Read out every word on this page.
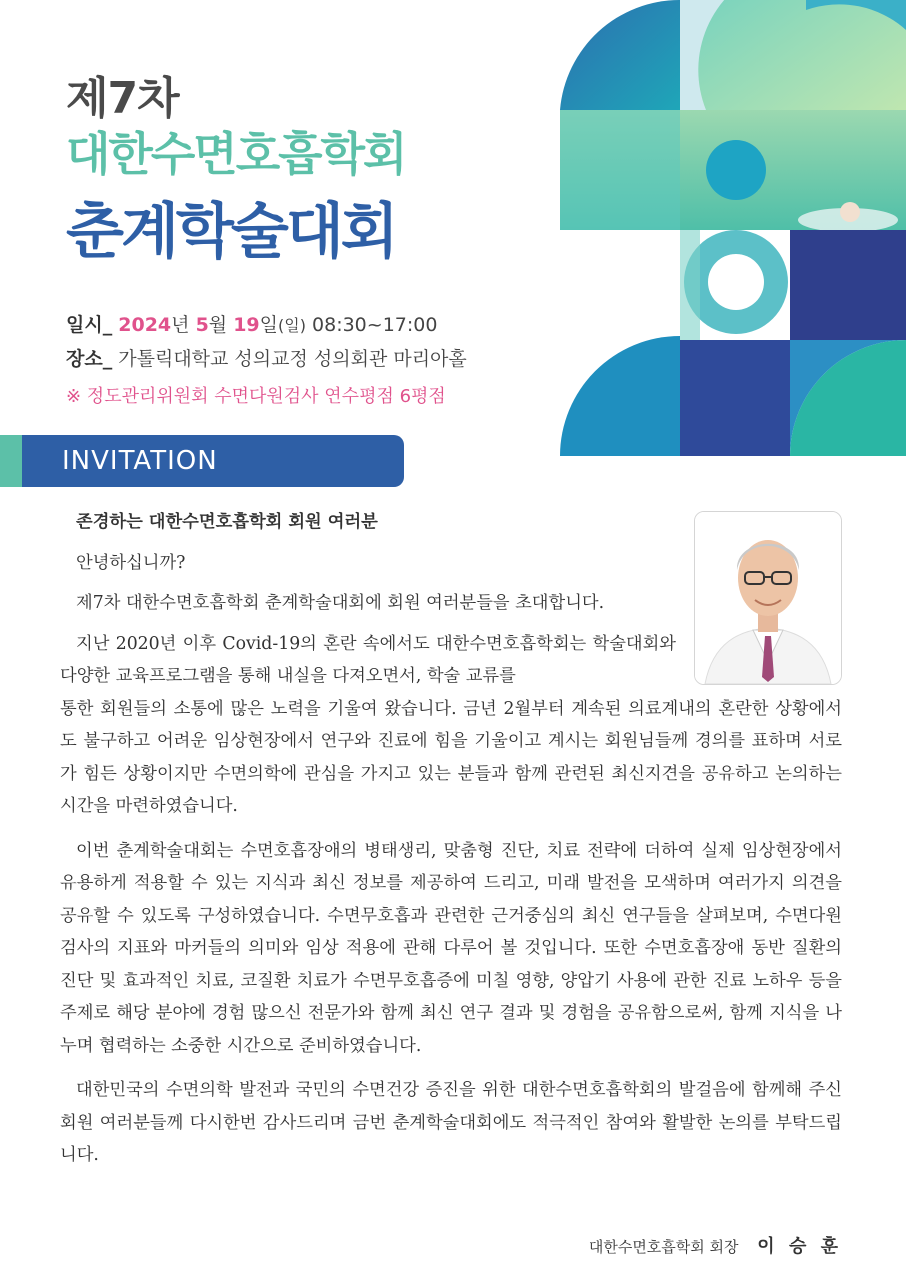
제7차
대한수면호흡학회
춘계학술대회
일시_ 2024년 5월 19일(일) 08:30~17:00
장소_ 가톨릭대학교 성의교정 성의회관 마리아홀
※ 정도관리위원회 수면다원검사 연수평점 6평점
INVITATION

존경하는 대한수면호흡학회 회원 여러분

안녕하십니까?

제7차 대한수면호흡학회 춘계학술대회에 회원 여러분들을 초대합니다.

지난 2020년 이후 Covid-19의 혼란 속에서도 대한수면호흡학회는 학술대회와 다양한 교육프로그램을 통해 내실을 다져오면서, 학술 교류를

통한 회원들의 소통에 많은 노력을 기울여 왔습니다. 금년 2월부터 계속된 의료계내의 혼란한 상황에서도 불구하고 어려운 임상현장에서 연구와 진료에 힘을 기울이고 계시는 회원님들께 경의를 표하며 서로가 힘든 상황이지만 수면의학에 관심을 가지고 있는 분들과 함께 관련된 최신지견을 공유하고 논의하는 시간을 마련하였습니다.

이번 춘계학술대회는 수면호흡장애의 병태생리, 맞춤형 진단, 치료 전략에 더하여 실제 임상현장에서 유용하게 적용할 수 있는 지식과 최신 정보를 제공하여 드리고, 미래 발전을 모색하며 여러가지 의견을 공유할 수 있도록 구성하였습니다. 수면무호흡과 관련한 근거중심의 최신 연구들을 살펴보며, 수면다원검사의 지표와 마커들의 의미와 임상 적용에 관해 다루어 볼 것입니다. 또한 수면호흡장애 동반 질환의 진단 및 효과적인 치료, 코질환 치료가 수면무호흡증에 미칠 영향, 양압기 사용에 관한 진료 노하우 등을 주제로 해당 분야에 경험 많으신 전문가와 함께 최신 연구 결과 및 경험을 공유함으로써, 함께 지식을 나누며 협력하는 소중한 시간으로 준비하였습니다.

대한민국의 수면의학 발전과 국민의 수면건강 증진을 위한 대한수면호흡학회의 발걸음에 함께해 주신 회원 여러분들께 다시한번 감사드리며 금번 춘계학술대회에도 적극적인 참여와 활발한 논의를 부탁드립니다.

대한수면호흡학회 회장 이 승 훈
